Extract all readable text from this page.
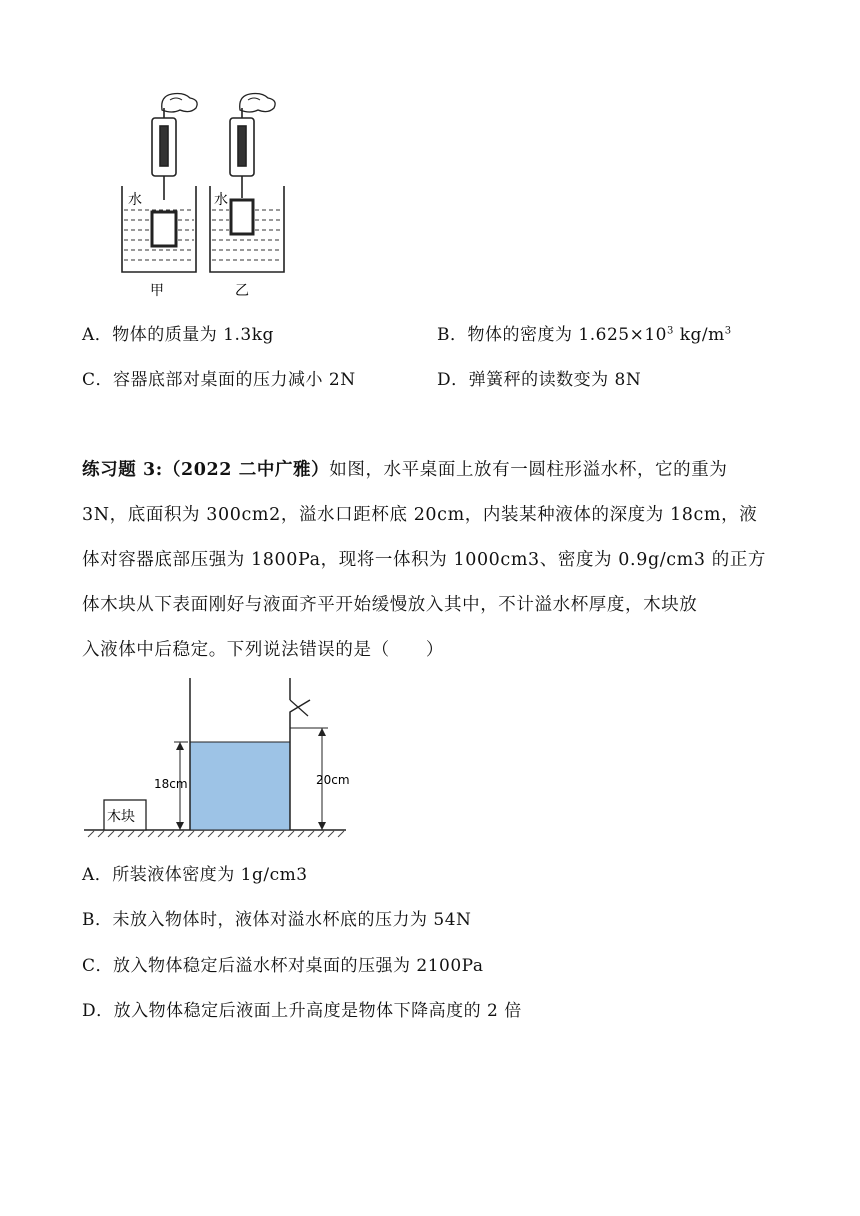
水	水
甲	乙
A．物体的质量为 1.3kg	B．物体的密度为 $1.625\times 10^3$ $kg/m^3$
C．容器底部对桌面的压力减小 2N	D．弹簧秤的读数变为 8N
练习题 3:（2022 二中广雅）如图，水平桌面上放有一圆柱形溢水杯，它的重为
3N，底面积为 300cm2，溢水口距杯底 20cm，内装某种液体的深度为 18cm，液
体对容器底部压强为 1800Pa，现将一体积为 1000cm3、密度为 0.9g/cm3 的正方
体木块从下表面刚好与液面齐平开始缓慢放入其中，不计溢水杯厚度，木块放
入液体中后稳定。下列说法错误的是（　　）
木块
18cm	20cm
A．所装液体密度为 1g/cm3
B．未放入物体时，液体对溢水杯底的压力为 54N
C．放入物体稳定后溢水杯对桌面的压强为 2100Pa
D．放入物体稳定后液面上升高度是物体下降高度的 2 倍
